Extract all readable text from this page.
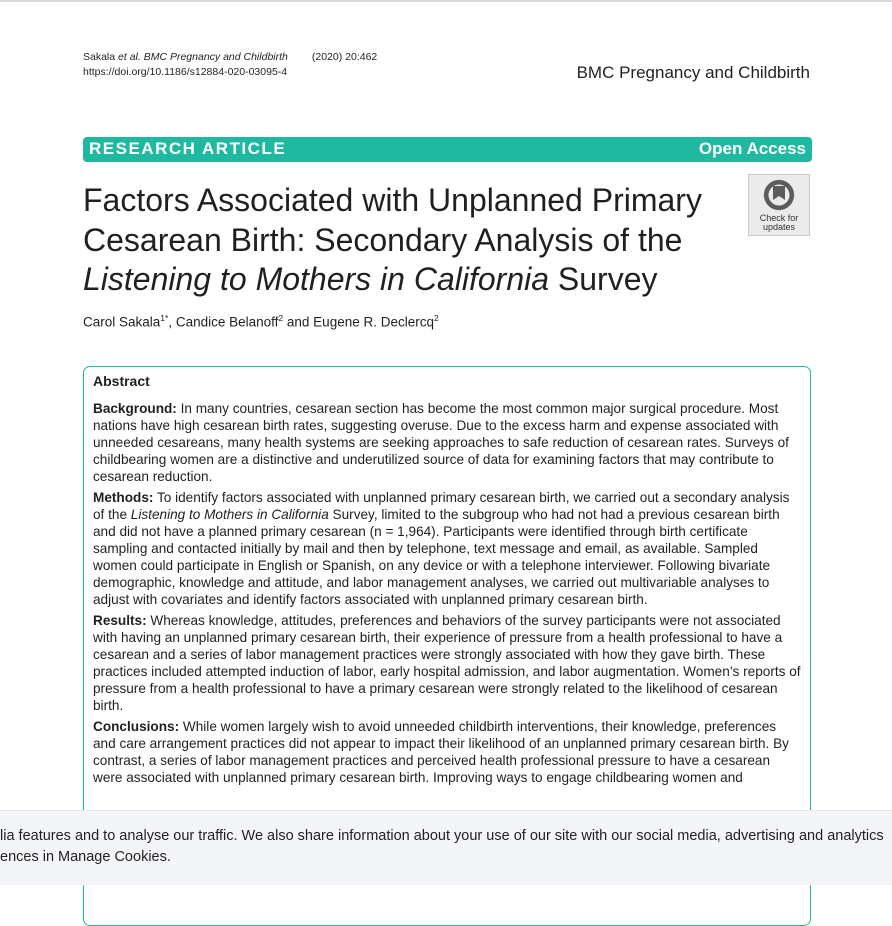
Sakala et al. BMC Pregnancy and Childbirth (2020) 20:462
https://doi.org/10.1186/s12884-020-03095-4	BMC Pregnancy and Childbirth
RESEARCH ARTICLE	Open Access
Factors Associated with Unplanned Primary Cesarean Birth: Secondary Analysis of the Listening to Mothers in California Survey
Check for
updates
Carol Sakala$^{1*}$, Candice Belanoff$^2$ and Eugene R. Declercq$^2$
Abstract

Background: In many countries, cesarean section has become the most common major surgical procedure. Most nations have high cesarean birth rates, suggesting overuse. Due to the excess harm and expense associated with unneeded cesareans, many health systems are seeking approaches to safe reduction of cesarean rates. Surveys of childbearing women are a distinctive and underutilized source of data for examining factors that may contribute to cesarean reduction.

Methods: To identify factors associated with unplanned primary cesarean birth, we carried out a secondary analysis of the Listening to Mothers in California Survey, limited to the subgroup who had not had a previous cesarean birth and did not have a planned primary cesarean (n = 1,964). Participants were identified through birth certificate sampling and contacted initially by mail and then by telephone, text message and email, as available. Sampled women could participate in English or Spanish, on any device or with a telephone interviewer. Following bivariate demographic, knowledge and attitude, and labor management analyses, we carried out multivariable analyses to adjust with covariates and identify factors associated with unplanned primary cesarean birth.

Results: Whereas knowledge, attitudes, preferences and behaviors of the survey participants were not associated with having an unplanned primary cesarean birth, their experience of pressure from a health professional to have a cesarean and a series of labor management practices were strongly associated with how they gave birth. These practices included attempted induction of labor, early hospital admission, and labor augmentation. Women’s reports of pressure from a health professional to have a primary cesarean were strongly related to the likelihood of cesarean birth.

Conclusions: While women largely wish to avoid unneeded childbirth interventions, their knowledge, preferences and care arrangement practices did not appear to impact their likelihood of an unplanned primary cesarean birth. By contrast, a series of labor management practices and perceived health professional pressure to have a cesarean were associated with unplanned primary cesarean birth. Improving ways to engage childbearing women and

lia features and to analyse our traffic. We also share information about your use of our site with our social media, advertising and analytics
ences in Manage Cookies.
